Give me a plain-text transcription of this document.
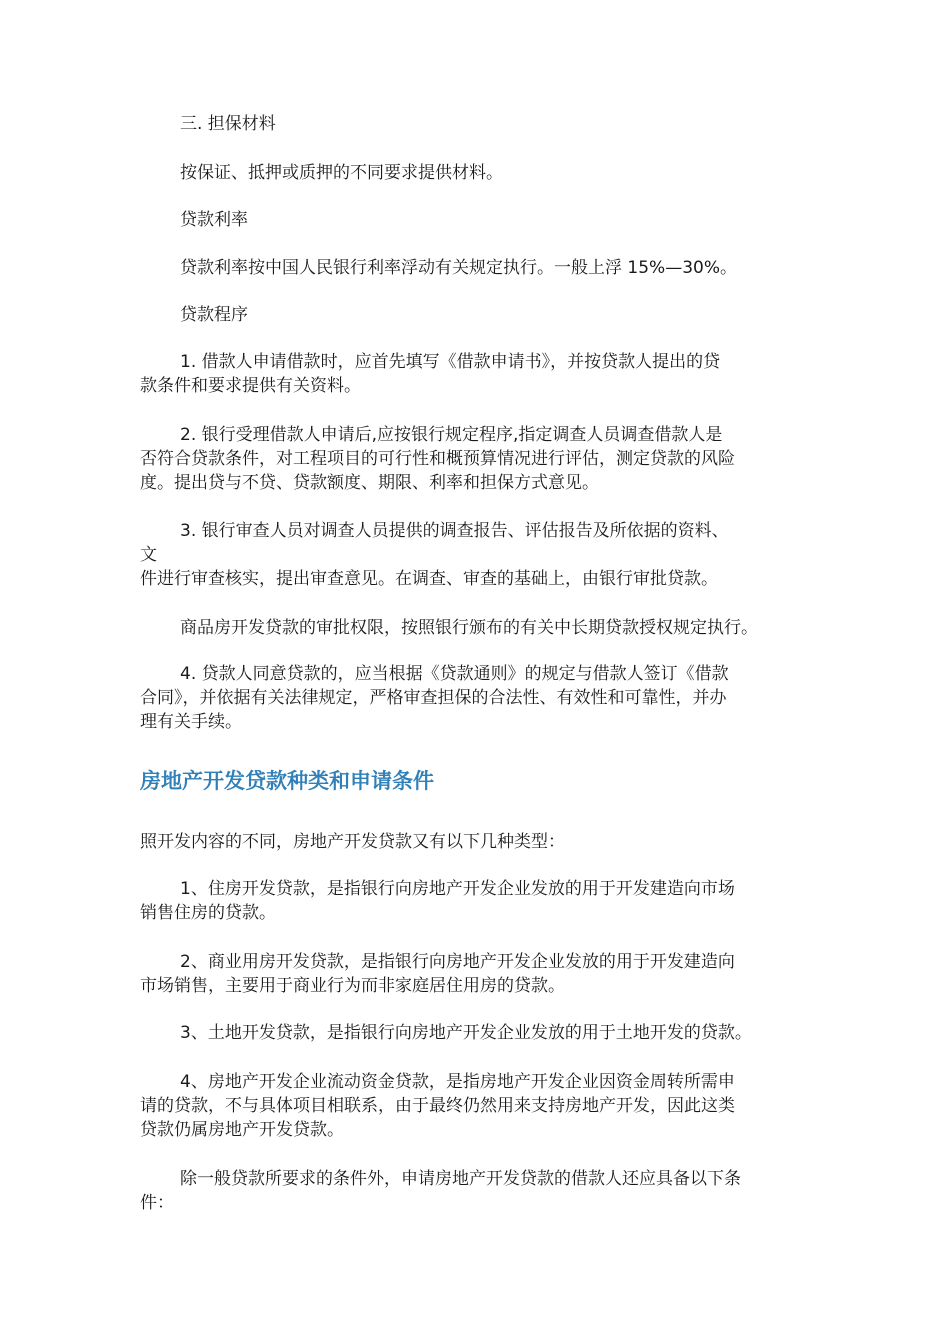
三. 担保材料

按保证、抵押或质押的不同要求提供材料。

贷款利率

贷款利率按中国人民银行利率浮动有关规定执行。一般上浮 15%—30%。

贷款程序

1. 借款人申请借款时，应首先填写《借款申请书》，并按贷款人提出的贷

款条件和要求提供有关资料。

2. 银行受理借款人申请后,应按银行规定程序,指定调查人员调查借款人是

否符合贷款条件，对工程项目的可行性和概预算情况进行评估，测定贷款的风险

度。提出贷与不贷、贷款额度、期限、利率和担保方式意见。

3. 银行审查人员对调查人员提供的调查报告、评估报告及所依据的资料、

文

件进行审查核实，提出审查意见。在调查、审查的基础上，由银行审批贷款。

商品房开发贷款的审批权限，按照银行颁布的有关中长期贷款授权规定执行。

4. 贷款人同意贷款的，应当根据《贷款通则》的规定与借款人签订《借款

合同》，并依据有关法律规定，严格审查担保的合法性、有效性和可靠性，并办

理有关手续。

房地产开发贷款种类和申请条件

照开发内容的不同，房地产开发贷款又有以下几种类型：

1、住房开发贷款，是指银行向房地产开发企业发放的用于开发建造向市场

销售住房的贷款。

2、商业用房开发贷款，是指银行向房地产开发企业发放的用于开发建造向

市场销售，主要用于商业行为而非家庭居住用房的贷款。

3、土地开发贷款，是指银行向房地产开发企业发放的用于土地开发的贷款。

4、房地产开发企业流动资金贷款，是指房地产开发企业因资金周转所需申

请的贷款，不与具体项目相联系，由于最终仍然用来支持房地产开发，因此这类

贷款仍属房地产开发贷款。

除一般贷款所要求的条件外，申请房地产开发贷款的借款人还应具备以下条

件：
